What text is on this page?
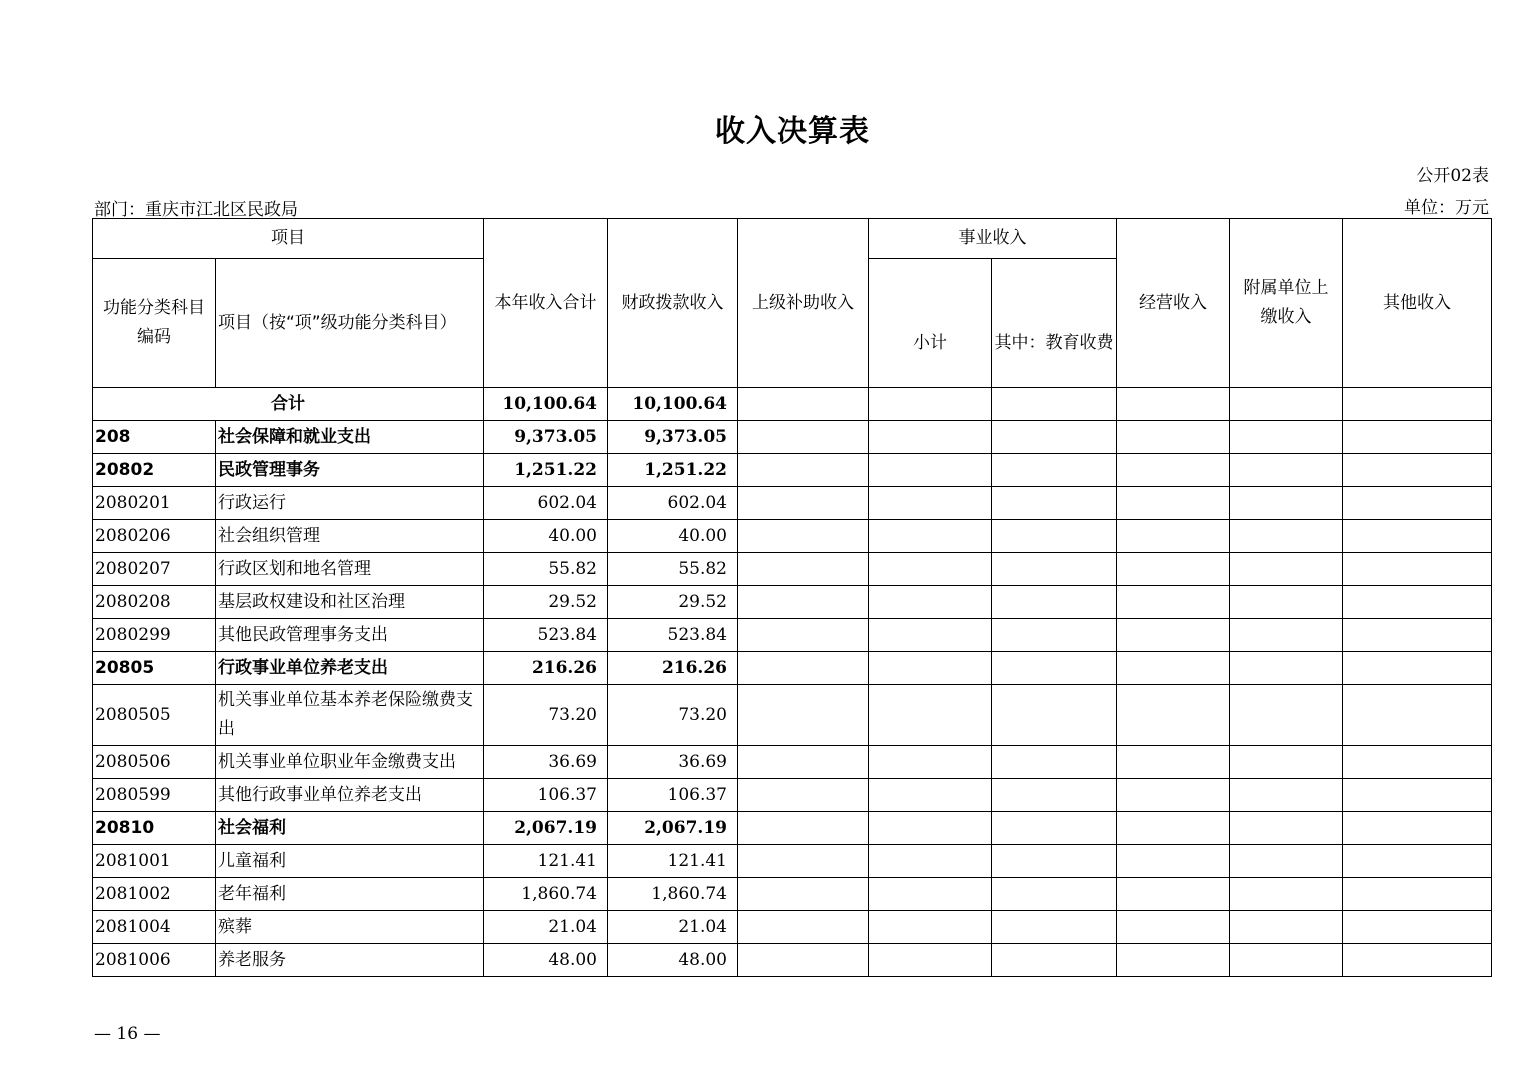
收入决算表
公开02表
部门：重庆市江北区民政局	单位：万元
项目		本年收入合计	财政拨款收入	上级补助收入	事业收入		经营收入	附属单位上缴收入	其他收入
功能分类科目编码	项目（按“项”级功能分类科目）				小计	其中：教育收费			
合计		10,100.64	10,100.64						
208	社会保障和就业支出	9,373.05	9,373.05						
20802	民政管理事务	1,251.22	1,251.22						
2080201	行政运行	602.04	602.04						
2080206	社会组织管理	40.00	40.00						
2080207	行政区划和地名管理	55.82	55.82						
2080208	基层政权建设和社区治理	29.52	29.52						
2080299	其他民政管理事务支出	523.84	523.84						
20805	行政事业单位养老支出	216.26	216.26						
2080505	机关事业单位基本养老保险缴费支出	73.20	73.20						
2080506	机关事业单位职业年金缴费支出	36.69	36.69						
2080599	其他行政事业单位养老支出	106.37	106.37						
20810	社会福利	2,067.19	2,067.19						
2081001	儿童福利	121.41	121.41						
2081002	老年福利	1,860.74	1,860.74						
2081004	殡葬	21.04	21.04						
2081006	养老服务	48.00	48.00						
— 16 —
